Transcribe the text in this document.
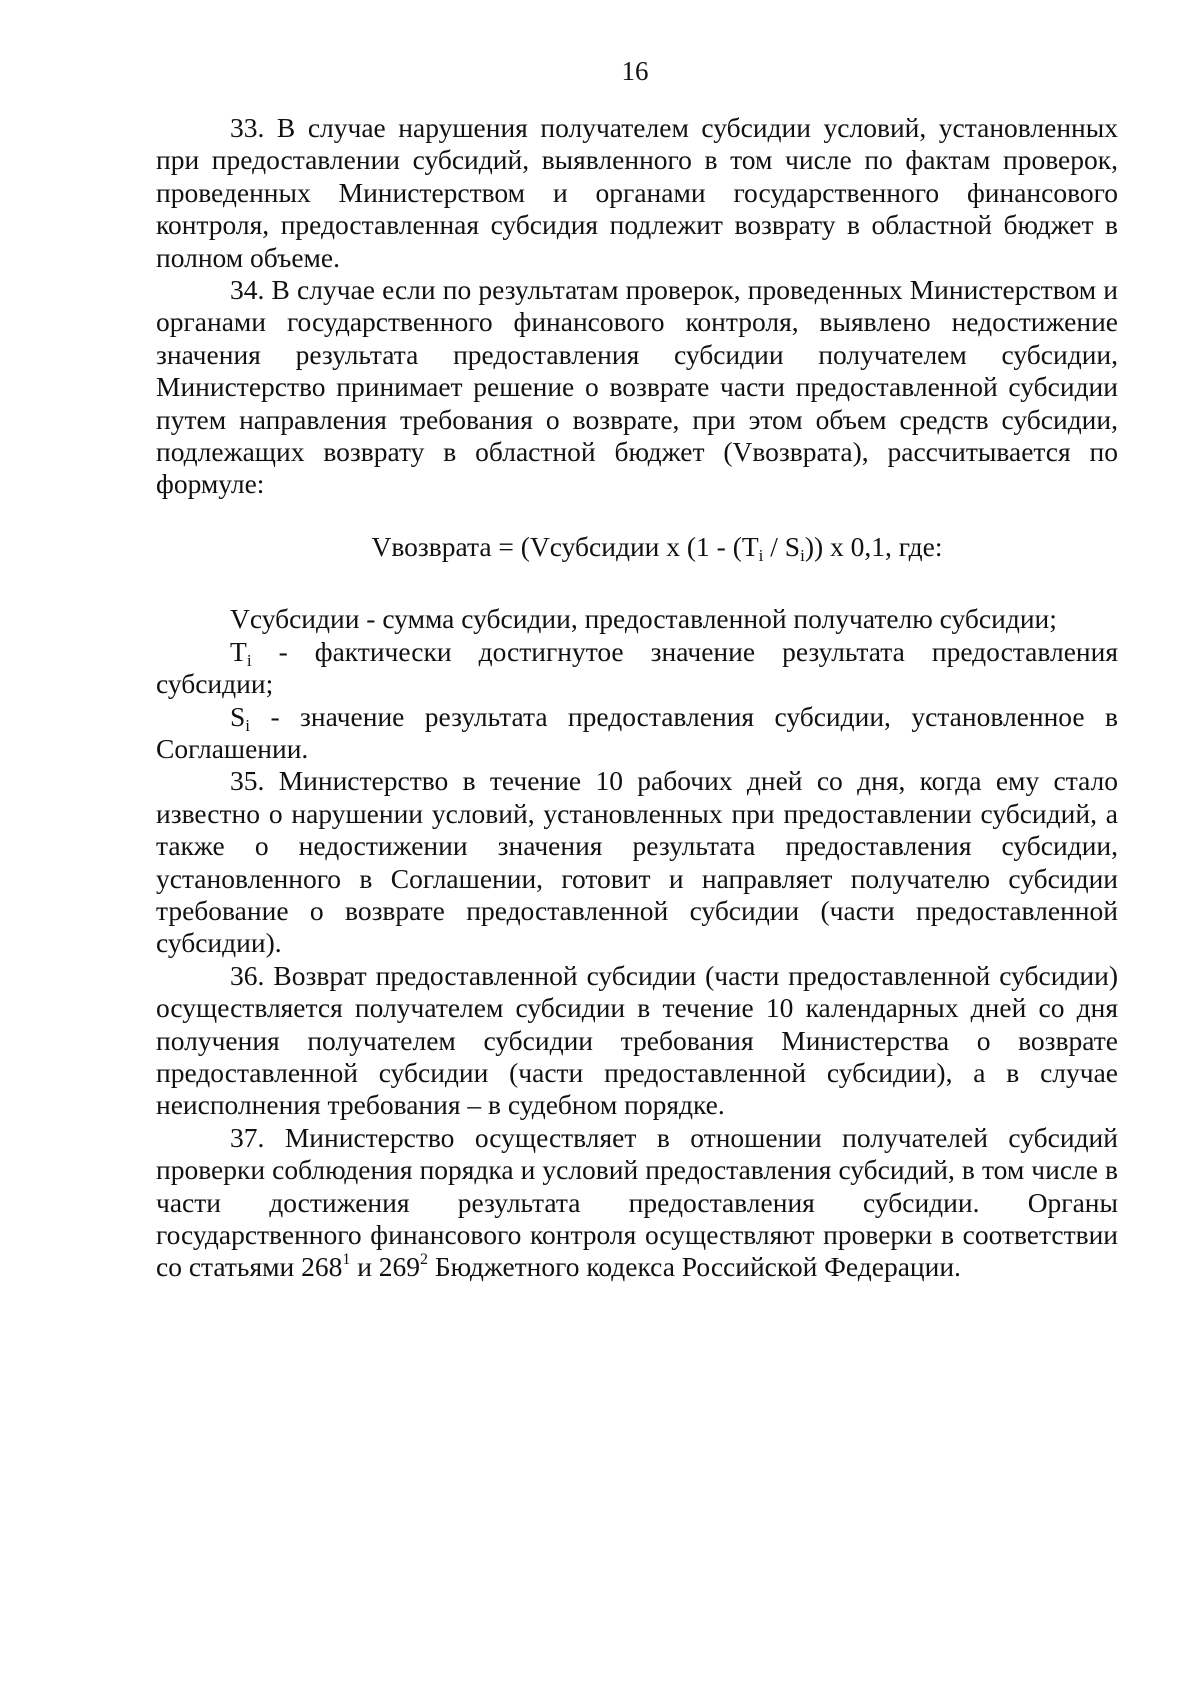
16

33. В случае нарушения получателем субсидии условий, установленных при предоставлении субсидий, выявленного в том числе по фактам проверок, проведенных Министерством и органами государственного финансового контроля, предоставленная субсидия подлежит возврату в областной бюджет в полном объеме.

34. В случае если по результатам проверок, проведенных Министерством и органами государственного финансового контроля, выявлено недостижение значения результата предоставления субсидии получателем субсидии, Министерство принимает решение о возврате части предоставленной субсидии путем направления требования о возврате, при этом объем средств субсидии, подлежащих возврату в областной бюджет (Vвозврата), рассчитывается по формуле:

Vвозврата = (Vсубсидии x $(1 - (T_i / S_i))$ x 0,1, где:

Vсубсидии - сумма субсидии, предоставленной получателю субсидии;

$T_i$ - фактически достигнутое значение результата предоставления субсидии;

$S_i$ - значение результата предоставления субсидии, установленное в Соглашении.

35. Министерство в течение 10 рабочих дней со дня, когда ему стало известно о нарушении условий, установленных при предоставлении субсидий, а также о недостижении значения результата предоставления субсидии, установленного в Соглашении, готовит и направляет получателю субсидии требование о возврате предоставленной субсидии (части предоставленной субсидии).

36. Возврат предоставленной субсидии (части предоставленной субсидии) осуществляется получателем субсидии в течение 10 календарных дней со дня получения получателем субсидии требования Министерства о возврате предоставленной субсидии (части предоставленной субсидии), а в случае неисполнения требования – в судебном порядке.

37. Министерство осуществляет в отношении получателей субсидий проверки соблюдения порядка и условий предоставления субсидий, в том числе в части достижения результата предоставления субсидии. Органы государственного финансового контроля осуществляют проверки в соответствии со статьями $268^1$ и $269^2$ Бюджетного кодекса Российской Федерации.
